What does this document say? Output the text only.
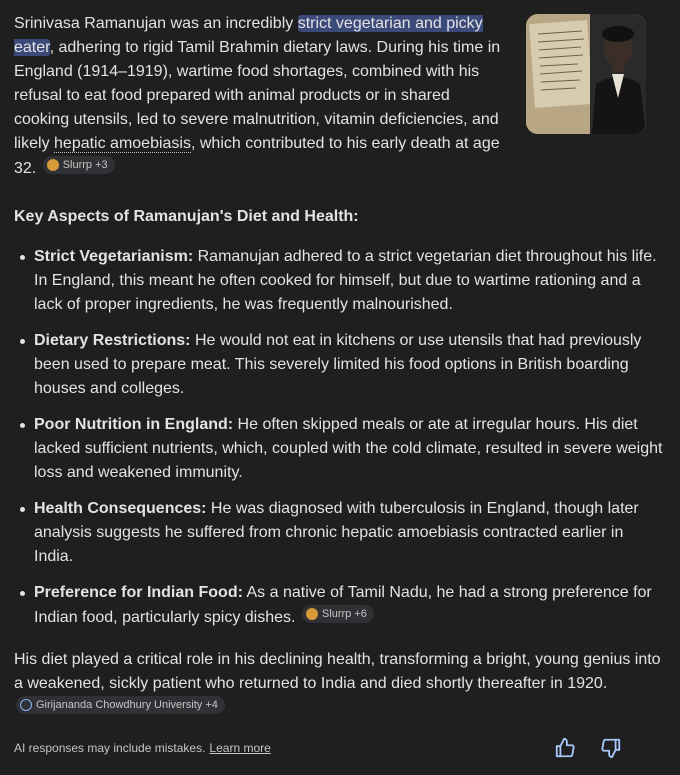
Srinivasa Ramanujan was an incredibly strict vegetarian and picky eater, adhering to rigid Tamil Brahmin dietary laws. During his time in England (1914–1919), wartime food shortages, combined with his refusal to eat food prepared with animal products or in shared cooking utensils, led to severe malnutrition, vitamin deficiencies, and likely hepatic amoebiasis, which contributed to his early death at age 32. Slurrp +3

Key Aspects of Ramanujan's Diet and Health:
Strict Vegetarianism: Ramanujan adhered to a strict vegetarian diet throughout his life. In England, this meant he often cooked for himself, but due to wartime rationing and a lack of proper ingredients, he was frequently malnourished.
Dietary Restrictions: He would not eat in kitchens or use utensils that had previously been used to prepare meat. This severely limited his food options in British boarding houses and colleges.
Poor Nutrition in England: He often skipped meals or ate at irregular hours. His diet lacked sufficient nutrients, which, coupled with the cold climate, resulted in severe weight loss and weakened immunity.
Health Consequences: He was diagnosed with tuberculosis in England, though later analysis suggests he suffered from chronic hepatic amoebiasis contracted earlier in India.
Preference for Indian Food: As a native of Tamil Nadu, he had a strong preference for Indian food, particularly spicy dishes. Slurrp +6

His diet played a critical role in his declining health, transforming a bright, young genius into a weakened, sickly patient who returned to India and died shortly thereafter in 1920.
Girijananda Chowdhury University +4

AI responses may include mistakes. Learn more
